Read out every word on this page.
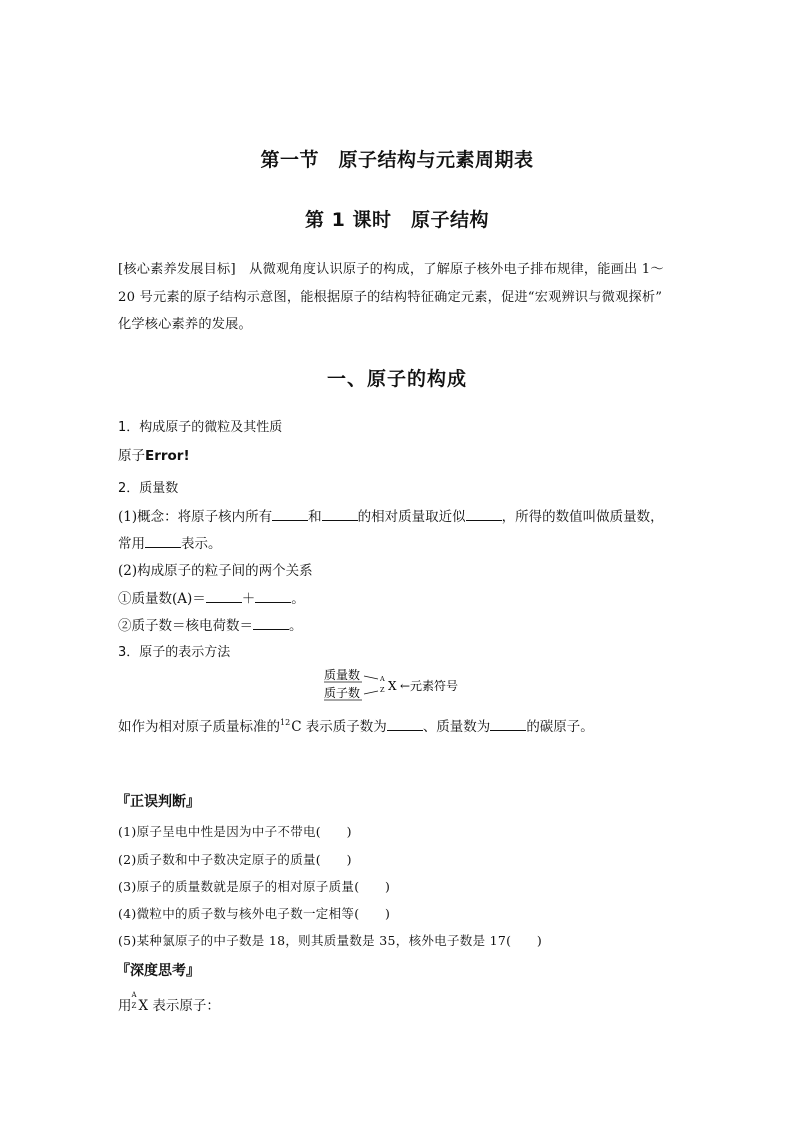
第一节　原子结构与元素周期表
第 1 课时　原子结构
[核心素养发展目标]　从微观角度认识原子的构成，了解原子核外电子排布规律，能画出 1～
20 号元素的原子结构示意图，能根据原子的结构特征确定元素，促进“宏观辨识与微观探析”
化学核心素养的发展。
一、原子的构成
1．构成原子的微粒及其性质
原子Error!
2．质量数
(1)概念：将原子核内所有	和	的相对质量取近似	，所得的数值叫做质量数，
常用	表示。
(2)构成原子的粒子间的两个关系
①质量数(A)＝	＋	。
②质子数＝核电荷数＝	。
3．原子的表示方法
质量数
质子数
A
Z X ←元素符号
如作为相对原子质量标准的$^{12}$C 表示质子数为	、质量数为	的碳原子。
『正误判断』
(1)原子呈电中性是因为中子不带电(　　)
(2)质子数和中子数决定原子的质量(　　)
(3)原子的质量数就是原子的相对原子质量(　　)
(4)微粒中的质子数与核外电子数一定相等(　　)
(5)某种氯原子的中子数是 18，则其质量数是 35，核外电子数是 17(　　)
『深度思考』
用
A
Z X 表示原子：
